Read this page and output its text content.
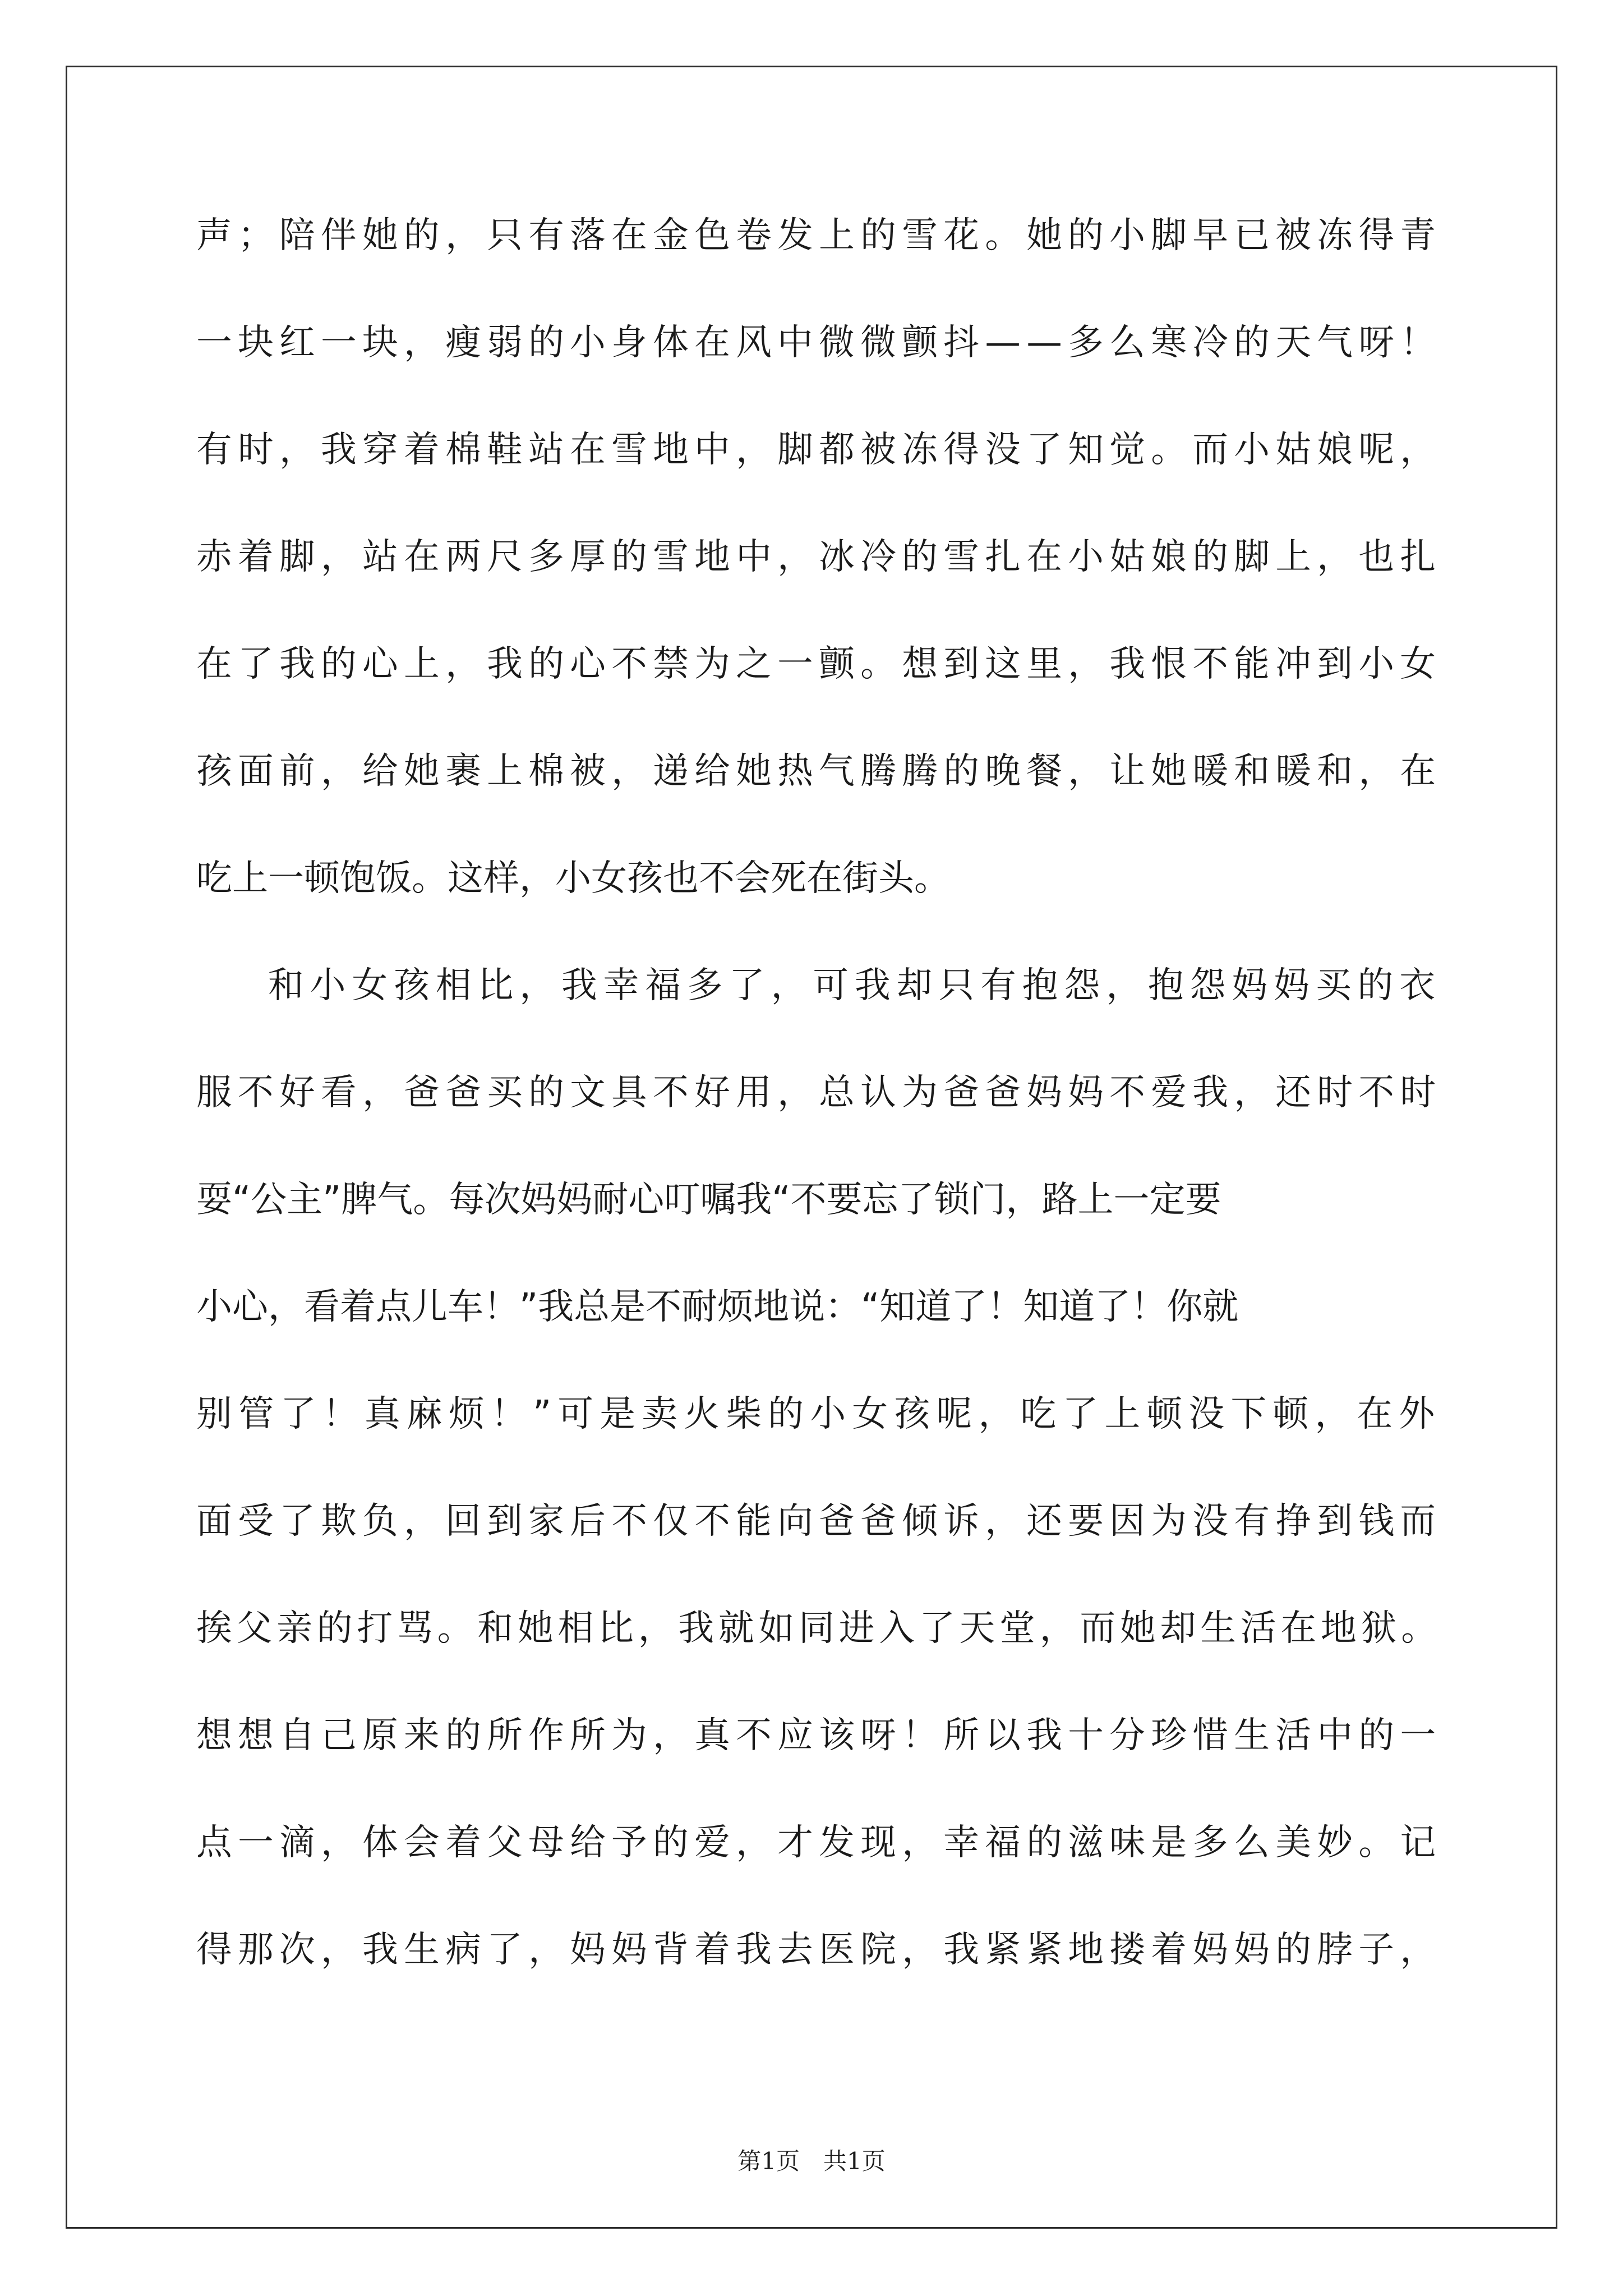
声；陪伴她的，只有落在金色卷发上的雪花。她的小脚早已被冻得青
一块红一块，瘦弱的小身体在风中微微颤抖——多么寒冷的天气呀！
有时，我穿着棉鞋站在雪地中，脚都被冻得没了知觉。而小姑娘呢，
赤着脚，站在两尺多厚的雪地中，冰冷的雪扎在小姑娘的脚上，也扎
在了我的心上，我的心不禁为之一颤。想到这里，我恨不能冲到小女
孩面前，给她裹上棉被，递给她热气腾腾的晚餐，让她暖和暖和，在
吃上一顿饱饭。这样，小女孩也不会死在街头。
和小女孩相比，我幸福多了，可我却只有抱怨，抱怨妈妈买的衣
服不好看，爸爸买的文具不好用，总认为爸爸妈妈不爱我，还时不时
耍“公主”脾气。每次妈妈耐心叮嘱我“不要忘了锁门，路上一定要
小心，看着点儿车！”我总是不耐烦地说：“知道了！知道了！你就
别管了！真麻烦！”可是卖火柴的小女孩呢，吃了上顿没下顿，在外
面受了欺负，回到家后不仅不能向爸爸倾诉，还要因为没有挣到钱而
挨父亲的打骂。和她相比，我就如同进入了天堂，而她却生活在地狱。
想想自己原来的所作所为，真不应该呀！所以我十分珍惜生活中的一
点一滴，体会着父母给予的爱，才发现，幸福的滋味是多么美妙。记
得那次，我生病了，妈妈背着我去医院，我紧紧地搂着妈妈的脖子，
第1页　共1页
